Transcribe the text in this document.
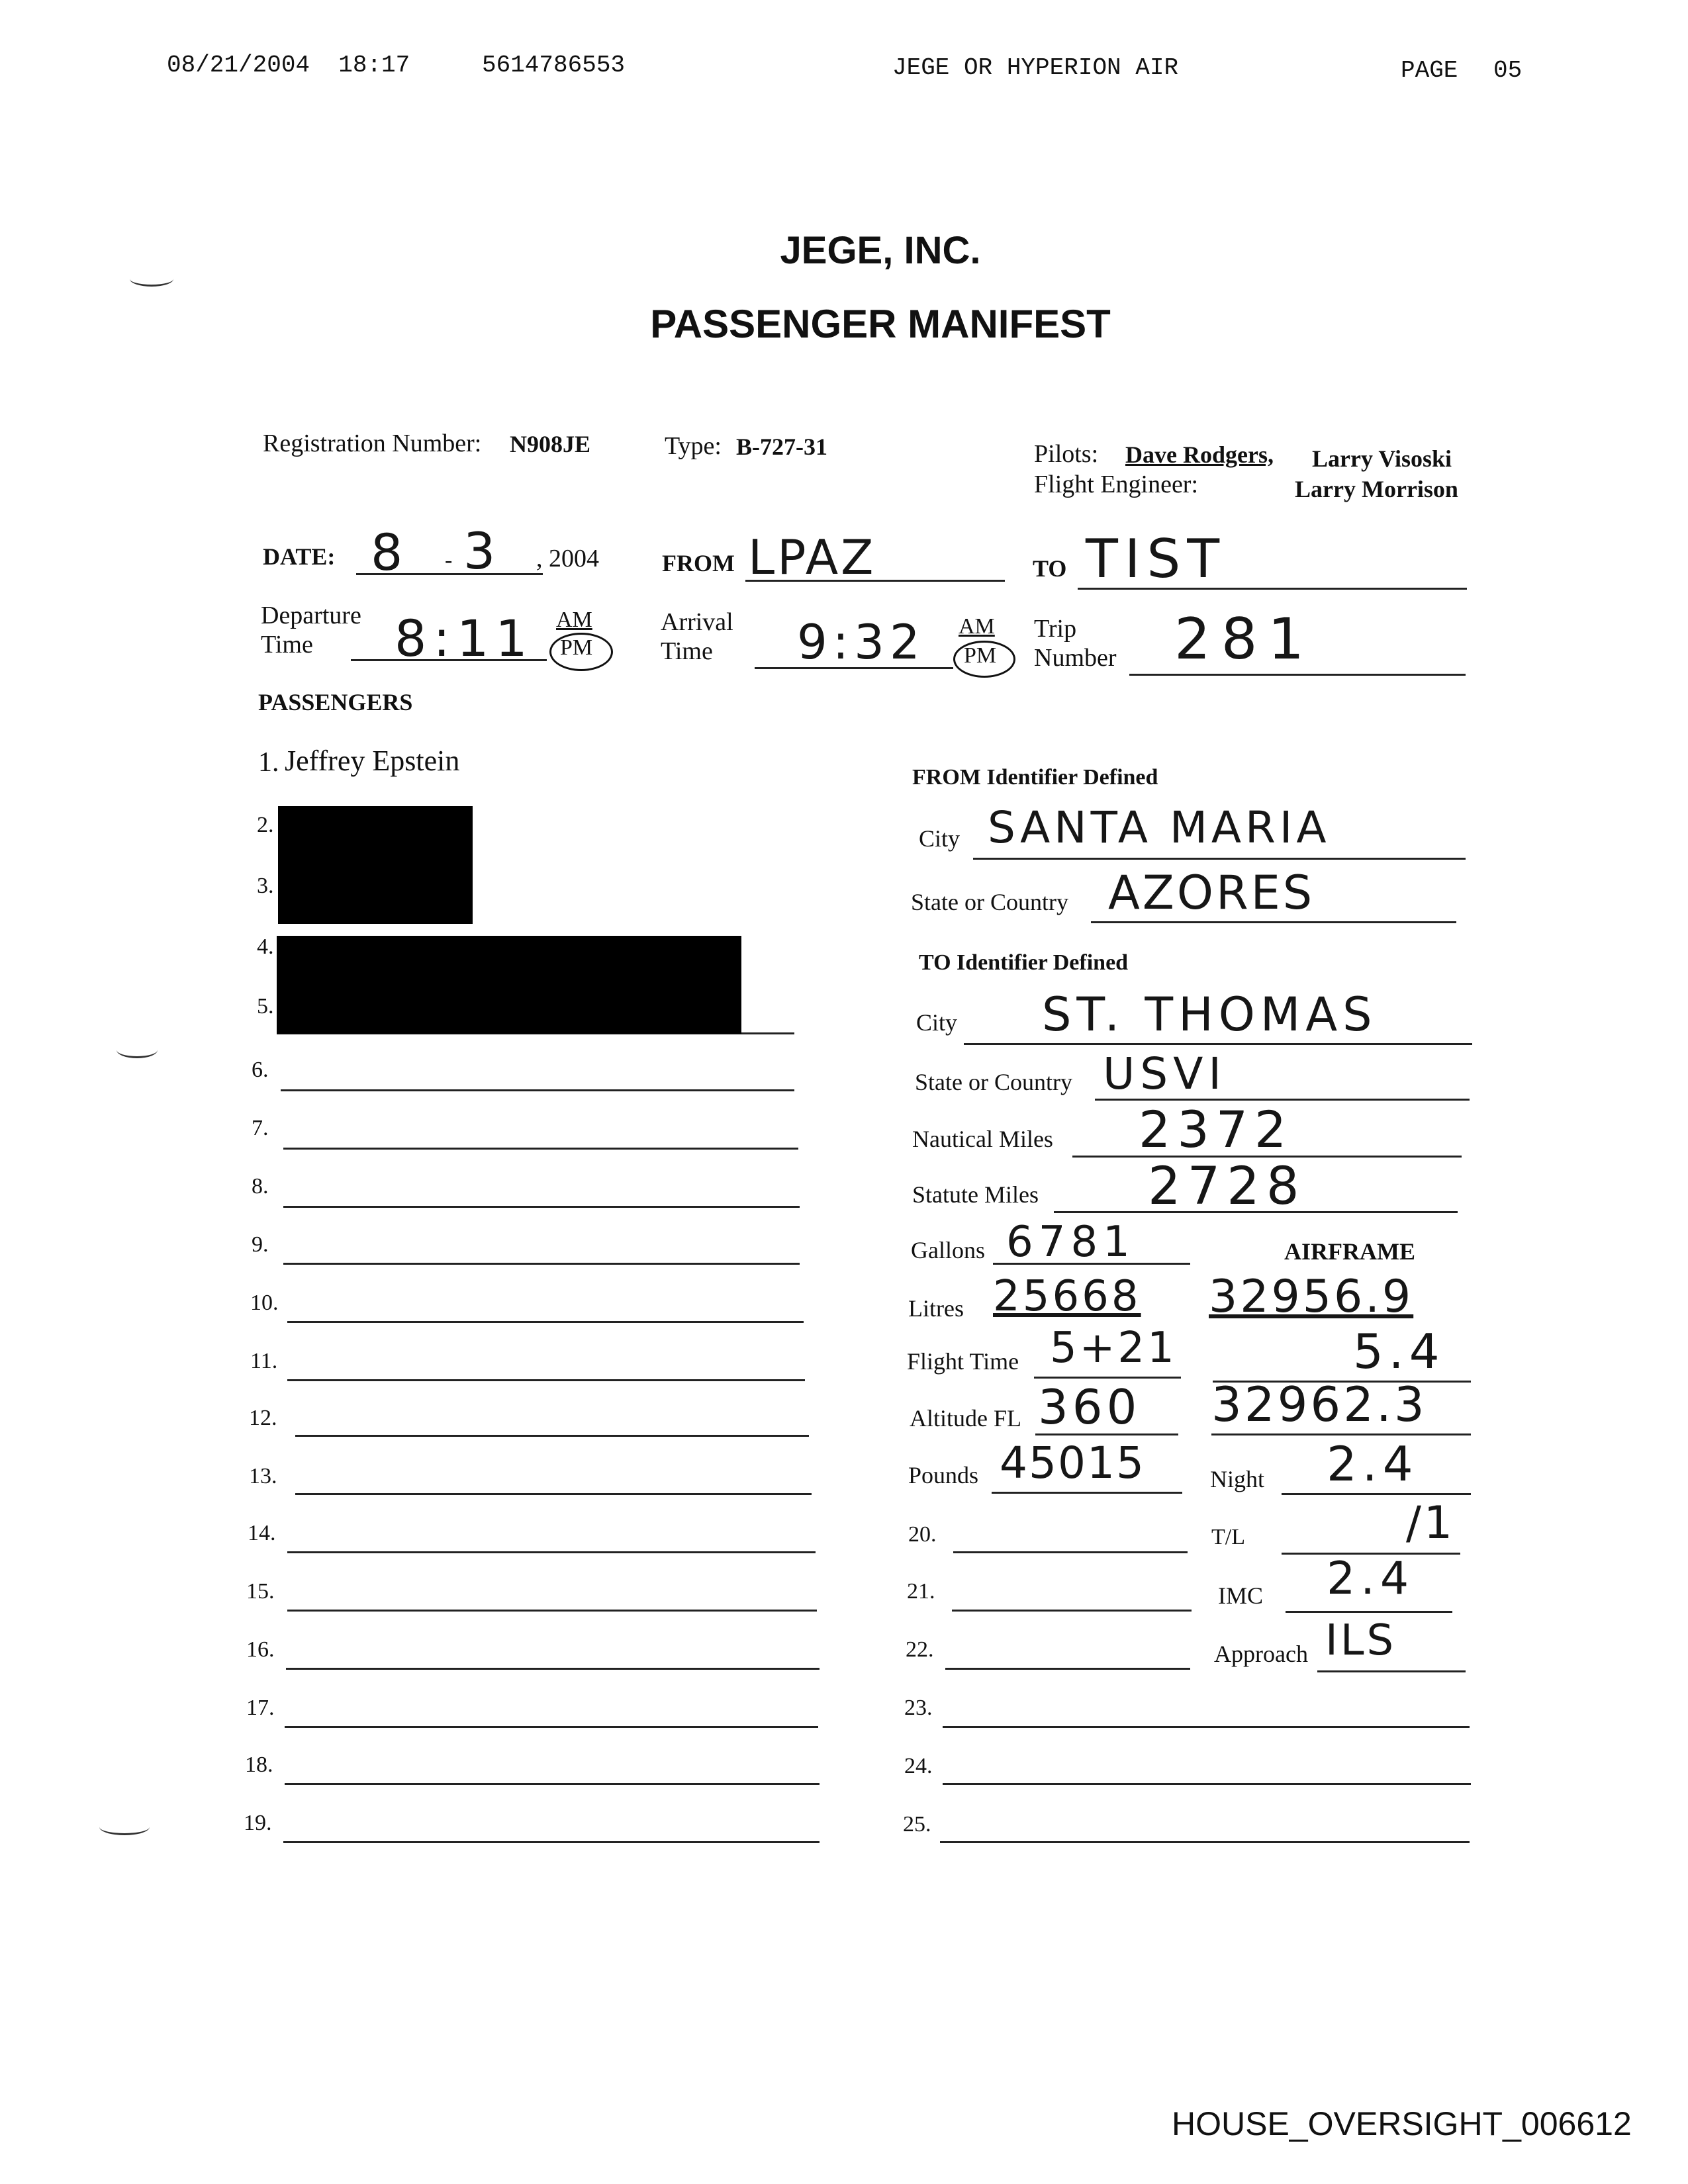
08/21/2004  18:17	5614786553	JEGE OR HYPERION AIR	PAGE 05
JEGE, INC.
PASSENGER MANIFEST
Registration Number: N908JE	Type: B-727-31	Pilots: Dave Rodgers, Larry Visoski
Flight Engineer:	Larry Morrison
DATE: 8 - 3 , 2004	FROM LPAZ	TO TIST
Departure
Time 8:11 AM
PM
Arrival
Time 9:32 AM
PM
Trip
Number 281
PASSENGERS
1. Jeffrey Epstein
2.
3.
4.
5.
6.
7.
8.
9.
10.
11.
12.
13.
14.
15.
16.
17.
18.
19.
FROM Identifier Defined
City SANTA MARIA
State or Country AZORES
TO Identifier Defined
City ST. THOMAS
State or Country USVI
Nautical Miles 2372
Statute Miles 2728
Gallons 6781	AIRFRAME
Litres 25668 32956.9
Flight Time 5+21	5.4
Altitude FL 360 32962.3
Pounds 45015	Night 2.4
20.	T/L	/1
21.	IMC 2.4
22.	Approach ILS
23.
24.
25.
HOUSE_OVERSIGHT_006612
